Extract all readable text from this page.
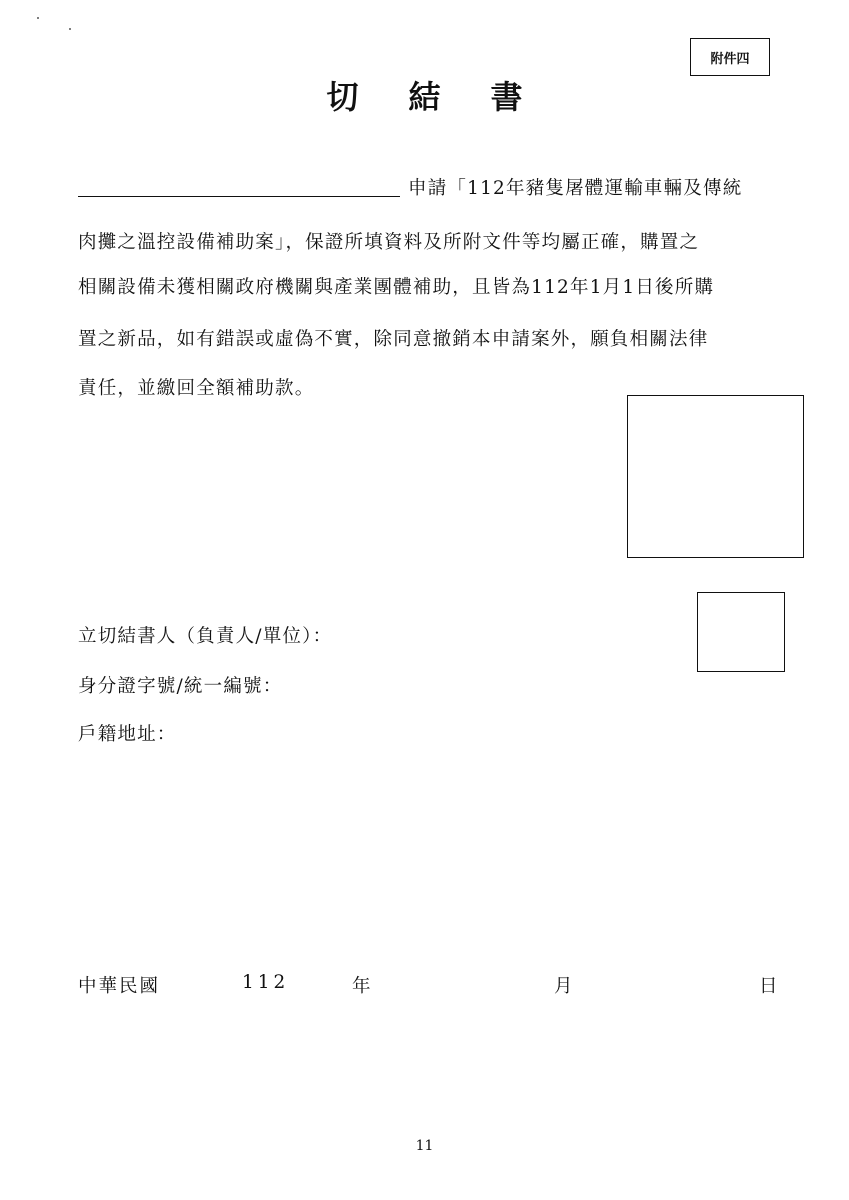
附件四
切結書
申請「112年豬隻屠體運輸車輛及傳統
肉攤之溫控設備補助案」，保證所填資料及所附文件等均屬正確，購置之
相關設備未獲相關政府機關與產業團體補助，且皆為112年1月1日後所購
置之新品，如有錯誤或虛偽不實，除同意撤銷本申請案外，願負相關法律
責任，並繳回全額補助款。
立切結書人（負責人/單位）：
身分證字號/統一編號：
戶籍地址：
中華民國	112	年	月	日
11
